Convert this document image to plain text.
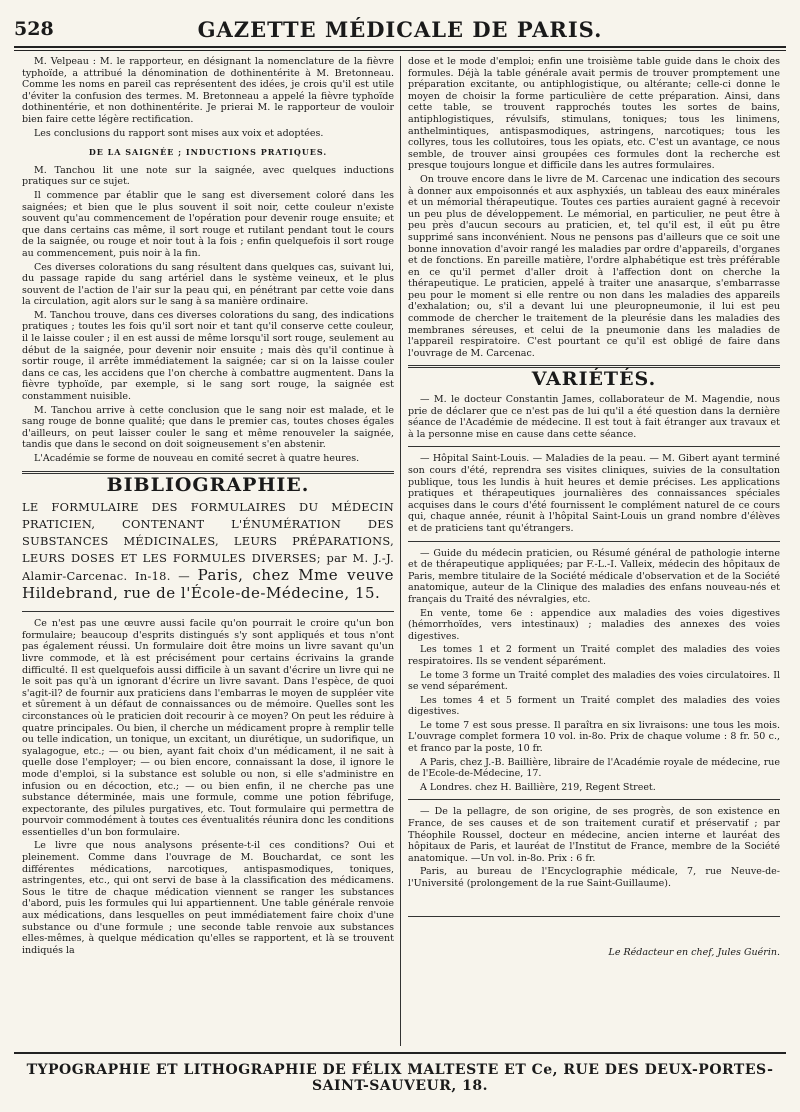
528	GAZETTE MÉDICALE DE PARIS.

M. Velpeau : M. le rapporteur, en désignant la nomenclature de la fièvre typhoïde, a attribué la dénomination de dothinentérite à M. Bretonneau. Comme les noms en pareil cas représentent des idées, je crois qu'il est utile d'éviter la confusion des termes. M. Bretonneau a appelé la fièvre typhoïde dothinentérie, et non dothinentérite. Je prierai M. le rapporteur de vouloir bien faire cette légère rectification.

Les conclusions du rapport sont mises aux voix et adoptées.

DE LA SAIGNÉE ; INDUCTIONS PRATIQUES.

M. Tanchou lit une note sur la saignée, avec quelques inductions pratiques sur ce sujet.

Il commence par établir que le sang est diversement coloré dans les saignées; et bien que le plus souvent il soit noir, cette couleur n'existe souvent qu'au commencement de l'opération pour devenir rouge ensuite; et que dans certains cas même, il sort rouge et rutilant pendant tout le cours de la saignée, ou rouge et noir tout à la fois ; enfin quelquefois il sort rouge au commencement, puis noir à la fin.

Ces diverses colorations du sang résultent dans quelques cas, suivant lui, du passage rapide du sang artériel dans le système veineux, et le plus souvent de l'action de l'air sur la peau qui, en pénétrant par cette voie dans la circulation, agit alors sur le sang à sa manière ordinaire.

M. Tanchou trouve, dans ces diverses colorations du sang, des indications pratiques ; toutes les fois qu'il sort noir et tant qu'il conserve cette couleur, il le laisse couler ; il en est aussi de même lorsqu'il sort rouge, seulement au début de la saignée, pour devenir noir ensuite ; mais dès qu'il continue à sortir rouge, il arrête immédiatement la saignée; car si on la laisse couler dans ce cas, les accidens que l'on cherche à combattre augmentent. Dans la fièvre typhoïde, par exemple, si le sang sort rouge, la saignée est constamment nuisible.

M. Tanchou arrive à cette conclusion que le sang noir est malade, et le sang rouge de bonne qualité; que dans le premier cas, toutes choses égales d'ailleurs, on peut laisser couler le sang et même renouveler la saignée, tandis que dans le second on doit soigneusement s'en abstenir.

L'Académie se forme de nouveau en comité secret à quatre heures.

BIBLIOGRAPHIE.

LE FORMULAIRE DES FORMULAIRES DU MÉDECIN PRATICIEN, CONTENANT L'ÉNUMÉRATION DES SUBSTANCES MÉDICINALES, LEURS PRÉPARATIONS, LEURS DOSES ET LES FORMULES DIVERSES; par M. J.-J. Alamir-Carcenac. In-18. — Paris, chez Mme veuve Hildebrand, rue de l'École-de-Médecine, 15.

Ce n'est pas une œuvre aussi facile qu'on pourrait le croire qu'un bon formulaire; beaucoup d'esprits distingués s'y sont appliqués et tous n'ont pas également réussi. Un formulaire doit être moins un livre savant qu'un livre commode, et là est précisément pour certains écrivains la grande difficulté. Il est quelquefois aussi difficile à un savant d'écrire un livre qui ne le soit pas qu'à un ignorant d'écrire un livre savant. Dans l'espèce, de quoi s'agit-il? de fournir aux praticiens dans l'embarras le moyen de suppléer vite et sûrement à un défaut de connaissances ou de mémoire. Quelles sont les circonstances où le praticien doit recourir à ce moyen? On peut les réduire à quatre principales. Ou bien, il cherche un médicament propre à remplir telle ou telle indication, un tonique, un excitant, un diurétique, un sudorifique, un syalagogue, etc.; — ou bien, ayant fait choix d'un médicament, il ne sait à quelle dose l'employer; — ou bien encore, connaissant la dose, il ignore le mode d'emploi, si la substance est soluble ou non, si elle s'administre en infusion ou en décoction, etc.; — ou bien enfin, il ne cherche pas une substance déterminée, mais une formule, comme une potion fébrifuge, expectorante, des pilules purgatives, etc. Tout formulaire qui permettra de pourvoir commodément à toutes ces éventualités réunira donc les conditions essentielles d'un bon formulaire.

Le livre que nous analysons présente-t-il ces conditions? Oui et pleinement. Comme dans l'ouvrage de M. Bouchardat, ce sont les différentes médications, narcotiques, antispasmodiques, toniques, astringentes, etc., qui ont servi de base à la classification des médicamens. Sous le titre de chaque médication viennent se ranger les substances d'abord, puis les formules qui lui appartiennent. Une table générale renvoie aux médications, dans lesquelles on peut immédiatement faire choix d'une substance ou d'une formule ; une seconde table renvoie aux substances elles-mêmes, à quelque médication qu'elles se rapportent, et là se trouvent indiqués la

dose et le mode d'emploi; enfin une troisième table guide dans le choix des formules. Déjà la table générale avait permis de trouver promptement une préparation excitante, ou antiphlogistique, ou altérante; celle-ci donne le moyen de choisir la forme particulière de cette préparation. Ainsi, dans cette table, se trouvent rapprochés toutes les sortes de bains, antiphlogistiques, révulsifs, stimulans, toniques; tous les linimens, anthelmintiques, antispasmodiques, astringens, narcotiques; tous les collyres, tous les collutoires, tous les opiats, etc. C'est un avantage, ce nous semble, de trouver ainsi groupées ces formules dont la recherche est presque toujours longue et difficile dans les autres formulaires.

On trouve encore dans le livre de M. Carcenac une indication des secours à donner aux empoisonnés et aux asphyxiés, un tableau des eaux minérales et un mémorial thérapeutique. Toutes ces parties auraient gagné à recevoir un peu plus de développement. Le mémorial, en particulier, ne peut être à peu près d'aucun secours au praticien, et, tel qu'il est, il eût pu être supprimé sans inconvénient. Nous ne pensons pas d'ailleurs que ce soit une bonne innovation d'avoir rangé les maladies par ordre d'appareils, d'organes et de fonctions. En pareille matière, l'ordre alphabétique est très préférable en ce qu'il permet d'aller droit à l'affection dont on cherche la thérapeutique. Le praticien, appelé à traiter une anasarque, s'embarrasse peu pour le moment si elle rentre ou non dans les maladies des appareils d'exhalation; ou, s'il a devant lui une pleuropneumonie, il lui est peu commode de chercher le traitement de la pleurésie dans les maladies des membranes séreuses, et celui de la pneumonie dans les maladies de l'appareil respiratoire. C'est pourtant ce qu'il est obligé de faire dans l'ouvrage de M. Carcenac.

VARIÉTÉS.

— M. le docteur Constantin James, collaborateur de M. Magendie, nous prie de déclarer que ce n'est pas de lui qu'il a été question dans la dernière séance de l'Académie de médecine. Il est tout à fait étranger aux travaux et à la personne mise en cause dans cette séance.

— Hôpital Saint-Louis. — Maladies de la peau. — M. Gibert ayant terminé son cours d'été, reprendra ses visites cliniques, suivies de la consultation publique, tous les lundis à huit heures et demie précises. Les applications pratiques et thérapeutiques journalières des connaissances spéciales acquises dans le cours d'été fournissent le complément naturel de ce cours qui, chaque année, réunit à l'hôpital Saint-Louis un grand nombre d'élèves et de praticiens tant qu'étrangers.

— Guide du médecin praticien, ou Résumé général de pathologie interne et de thérapeutique appliquées; par F.-L.-I. Valleix, médecin des hôpitaux de Paris, membre titulaire de la Société médicale d'observation et de la Société anatomique, auteur de la Clinique des maladies des enfans nouveau-nés et français du Traité des névralgies, etc.

En vente, tome 6e : appendice aux maladies des voies digestives (hémorrhoïdes, vers intestinaux) ; maladies des annexes des voies digestives.

Les tomes 1 et 2 forment un Traité complet des maladies des voies respiratoires. Ils se vendent séparément.

Le tome 3 forme un Traité complet des maladies des voies circulatoires. Il se vend séparément.

Les tomes 4 et 5 forment un Traité complet des maladies des voies digestives.

Le tome 7 est sous presse. Il paraîtra en six livraisons: une tous les mois. L'ouvrage complet formera 10 vol. in-8o. Prix de chaque volume : 8 fr. 50 c., et franco par la poste, 10 fr.

A Paris, chez J.-B. Baillière, libraire de l'Académie royale de médecine, rue de l'Ecole-de-Médecine, 17.

A Londres. chez H. Baillière, 219, Regent Street.

— De la pellagre, de son origine, de ses progrès, de son existence en France, de ses causes et de son traitement curatif et préservatif ; par Théophile Roussel, docteur en médecine, ancien interne et lauréat des hôpitaux de Paris, et lauréat de l'Institut de France, membre de la Société anatomique. —Un vol. in-8o. Prix : 6 fr.

Paris, au bureau de l'Encyclographie médicale, 7, rue Neuve-de-l'Université (prolongement de la rue Saint-Guillaume).

Le Rédacteur en chef, Jules Guérin.
TYPOGRAPHIE ET LITHOGRAPHIE DE FÉLIX MALTESTE ET Ce, RUE DES DEUX-PORTES-SAINT-SAUVEUR, 18.
